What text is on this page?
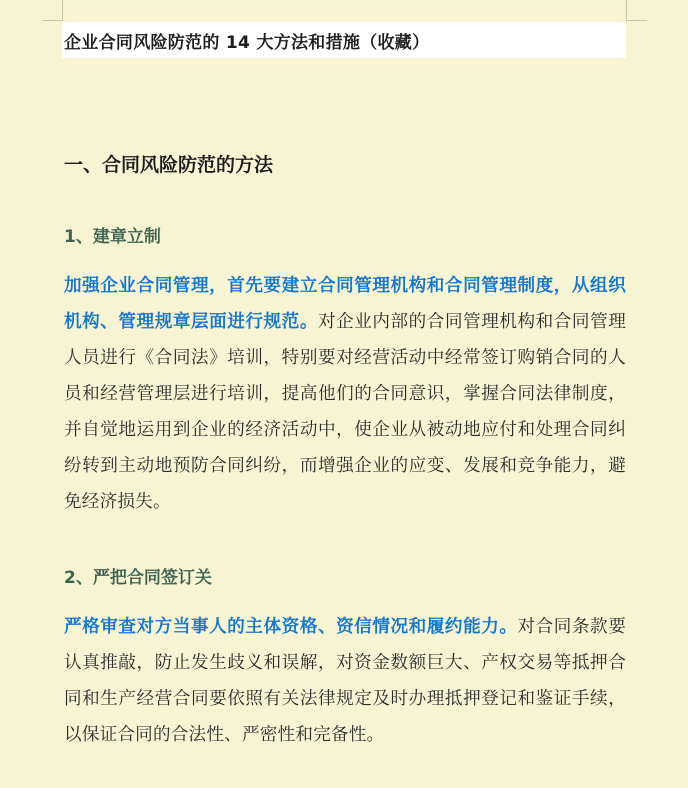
企业合同风险防范的 14 大方法和措施（收藏）
一、合同风险防范的方法
1、建章立制
加强企业合同管理，首先要建立合同管理机构和合同管理制度，从组织机构、管理规章层面进行规范。对企业内部的合同管理机构和合同管理人员进行《合同法》培训，特别要对经营活动中经常签订购销合同的人员和经营管理层进行培训，提高他们的合同意识，掌握合同法律制度，并自觉地运用到企业的经济活动中，使企业从被动地应付和处理合同纠纷转到主动地预防合同纠纷，而增强企业的应变、发展和竞争能力，避免经济损失。
2、严把合同签订关
严格审查对方当事人的主体资格、资信情况和履约能力。对合同条款要认真推敲，防止发生歧义和误解，对资金数额巨大、产权交易等抵押合同和生产经营合同要依照有关法律规定及时办理抵押登记和鉴证手续，以保证合同的合法性、严密性和完备性。
